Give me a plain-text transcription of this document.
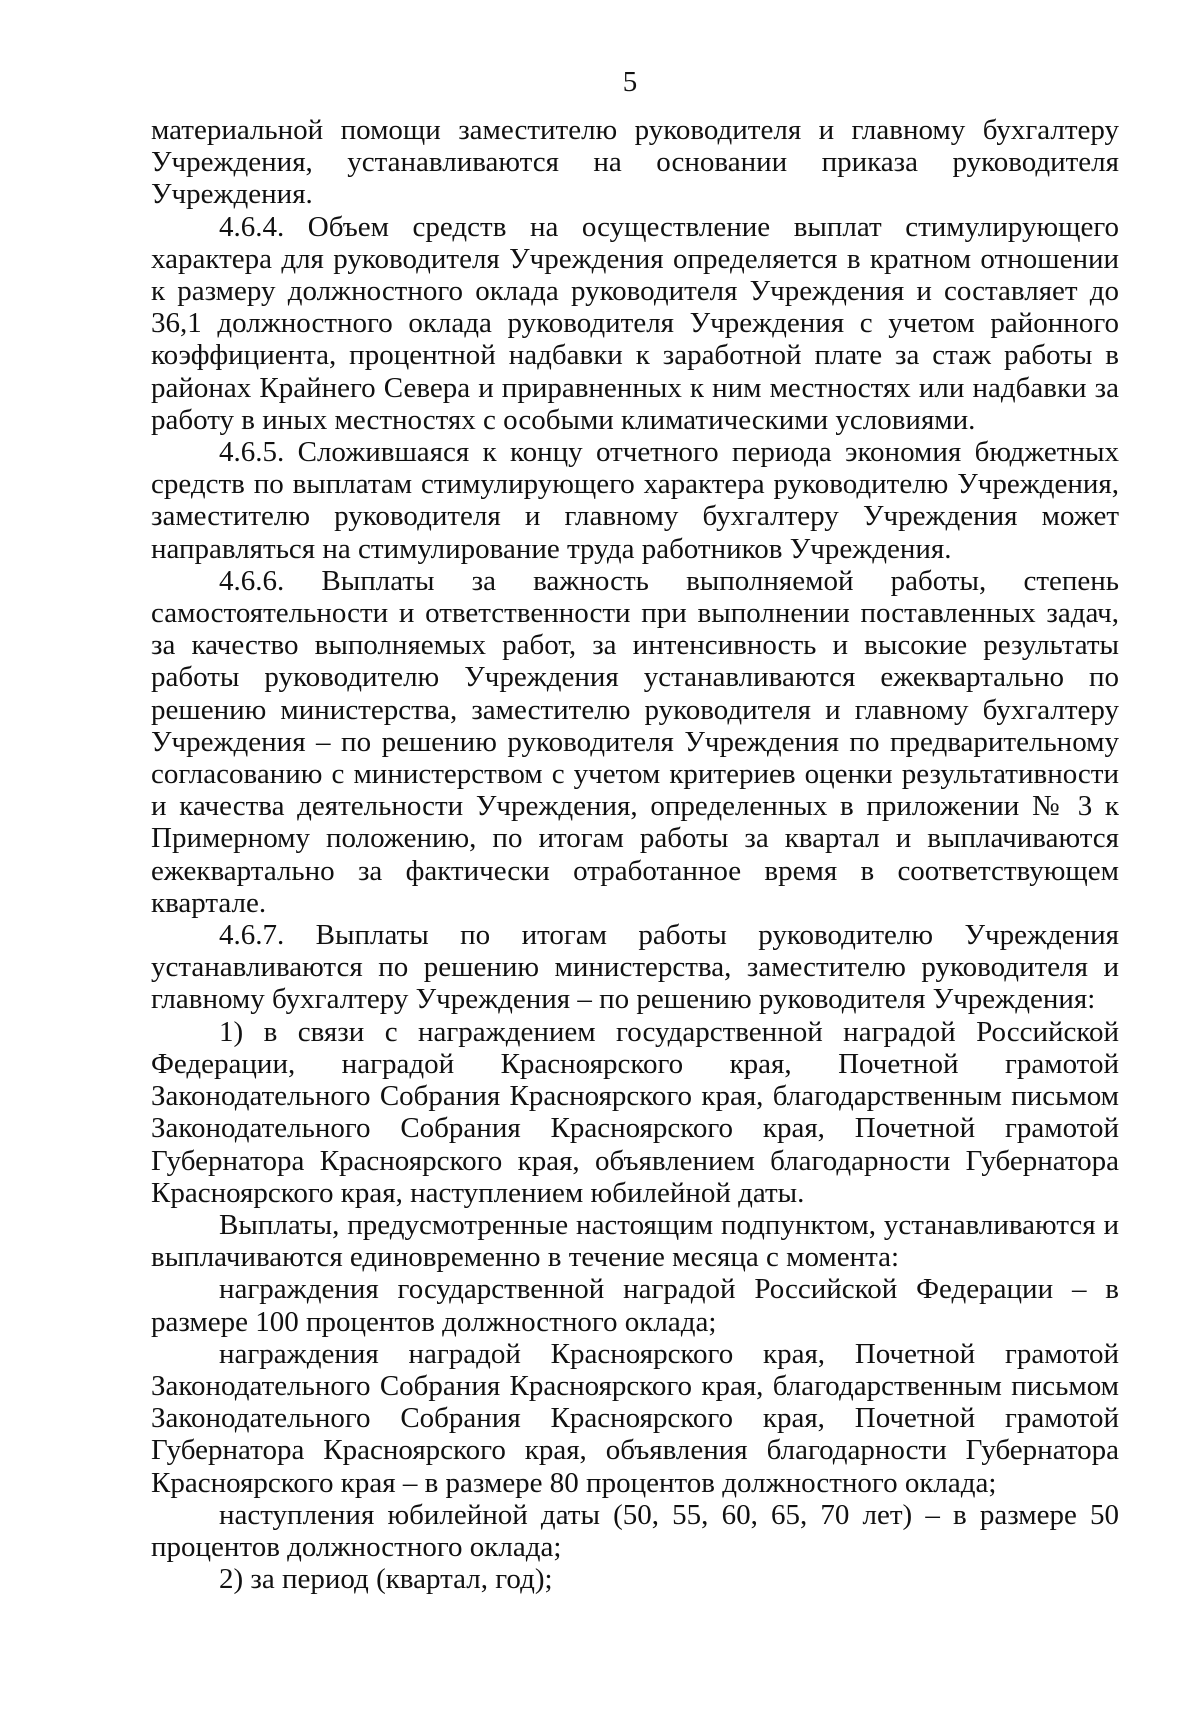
5

материальной помощи заместителю руководителя и главному бухгалтеру Учреждения, устанавливаются на основании приказа руководителя Учреждения.

4.6.4. Объем средств на осуществление выплат стимулирующего характера для руководителя Учреждения определяется в кратном отношении к размеру должностного оклада руководителя Учреждения и составляет до 36,1 должностного оклада руководителя Учреждения с учетом районного коэффициента, процентной надбавки к заработной плате за стаж работы в районах Крайнего Севера и приравненных к ним местностях или надбавки за работу в иных местностях с особыми климатическими условиями.

4.6.5. Сложившаяся к концу отчетного периода экономия бюджетных средств по выплатам стимулирующего характера руководителю Учреждения, заместителю руководителя и главному бухгалтеру Учреждения может направляться на стимулирование труда работников Учреждения.

4.6.6. Выплаты за важность выполняемой работы, степень самостоятельности и ответственности при выполнении поставленных задач, за качество выполняемых работ, за интенсивность и высокие результаты работы руководителю Учреждения устанавливаются ежеквартально по решению министерства, заместителю руководителя и главному бухгалтеру Учреждения – по решению руководителя Учреждения по предварительному согласованию с министерством с учетом критериев оценки результативности и качества деятельности Учреждения, определенных в приложении № 3 к Примерному положению, по итогам работы за квартал и выплачиваются ежеквартально за фактически отработанное время в соответствующем квартале.

4.6.7. Выплаты по итогам работы руководителю Учреждения устанавливаются по решению министерства, заместителю руководителя и главному бухгалтеру Учреждения – по решению руководителя Учреждения:

1) в связи с награждением государственной наградой Российской Федерации, наградой Красноярского края, Почетной грамотой Законодательного Собрания Красноярского края, благодарственным письмом Законодательного Собрания Красноярского края, Почетной грамотой Губернатора Красноярского края, объявлением благодарности Губернатора Красноярского края, наступлением юбилейной даты.

Выплаты, предусмотренные настоящим подпунктом, устанавливаются и выплачиваются единовременно в течение месяца с момента:

награждения государственной наградой Российской Федерации – в размере 100 процентов должностного оклада;

награждения наградой Красноярского края, Почетной грамотой Законодательного Собрания Красноярского края, благодарственным письмом Законодательного Собрания Красноярского края, Почетной грамотой Губернатора Красноярского края, объявления благодарности Губернатора Красноярского края – в размере 80 процентов должностного оклада;

наступления юбилейной даты (50, 55, 60, 65, 70 лет) – в размере 50 процентов должностного оклада;

2) за период (квартал, год);
